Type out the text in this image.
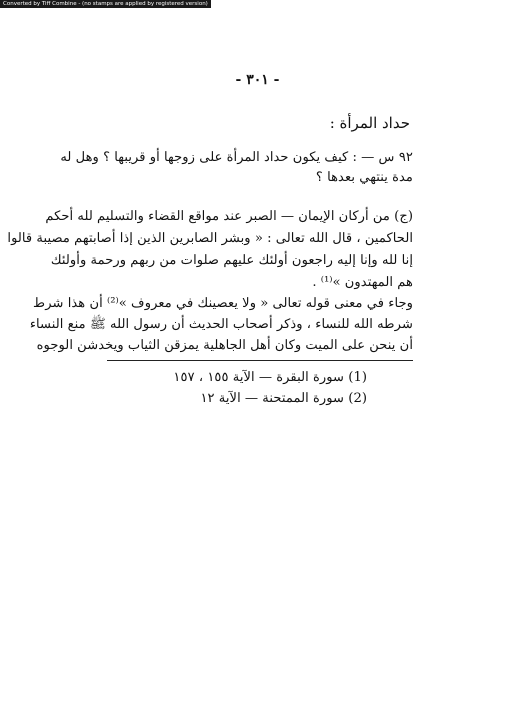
Converted by Tiff Combine - (no stamps are applied by registered version)
- ٣٠١ -
حداد المرأة :
٩٢ س — : كيف يكون حداد المرأة على زوجها أو قريبها ؟ وهل له
مدة ينتهي بعدها ؟
(ج) من أركان الإيمان — الصبر عند مواقع القضاء والتسليم لله أحكم
الحاكمين ، قال الله تعالى : « وبشر الصابرين الذين إذا أصابتهم مصيبة قالوا
إنا لله وإنا إليه راجعون أولئك عليهم صلوات من ربهم ورحمة وأولئك
هم المهتدون »⁽¹⁾ .
وجاء في معنى قوله تعالى « ولا يعصينك في معروف »⁽²⁾ أن هذا شرط
شرطه الله للنساء ، وذكر أصحاب الحديث أن رسول الله ﷺ منع النساء
أن ينحن على الميت وكان أهل الجاهلية يمزقن الثياب ويخدشن الوجوه
(1) سورة البقرة — الآية ١٥٥ ، ١٥٧
(2) سورة الممتحنة — الآية ١٢
